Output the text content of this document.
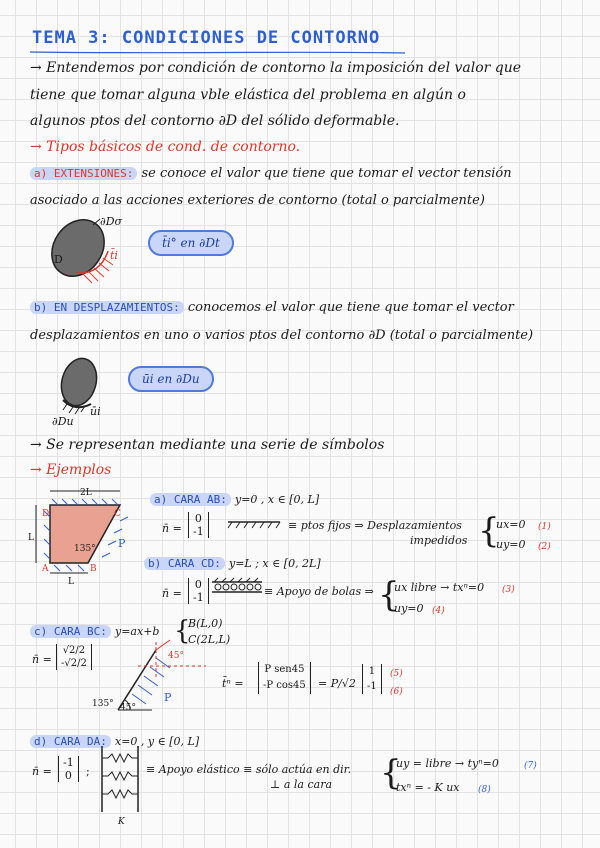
TEMA 3: CONDICIONES DE CONTORNO
→ Entendemos por condición de contorno la imposición del valor que
tiene que tomar alguna vble elástica del problema en algún o
algunos ptos del contorno ∂D del sólido deformable.
→ Tipos básicos de cond. de contorno.
a) EXTENSIONES: se conoce el valor que tiene que tomar el vector tensión
asociado a las acciones exteriores de contorno (total o parcialmente)
∂Dσ
D	t̄i
t̄i° en ∂Dt
b) EN DESPLAZAMIENTOS: conocemos el valor que tiene que tomar el vector
desplazamientos en uno o varios ptos del contorno ∂D (total o parcialmente)
∂Du
ūi
ūi en ∂Du
→ Se representan mediante una serie de símbolos
→ Ejemplos
2L
L
L
135°
A	B
C
D
P
a) CARA AB: y=0 , x ∈ [0, L]
n̄ =
0
-1	≡ ptos fijos ⇒ Desplazamientos
impedidos {
ux=0
uy=0
(1)
(2)
b) CARA CD: y=L ; x ∈ [0, 2L]
n̄ =
0
-1	≡ Apoyo de bolas ⇒ {
ux libre → txⁿ=0
uy=0
(3)
(4)
c) CARA BC: y=ax+b {
B(L,0)
C(2L,L)
n̄ =
√2/2
-√2/2
45°
135° 45°
P
t̄ⁿ =
P sen45
-P cos45 = P/√2
1
-1
(5)
(6)
d) CARA DA: x=0 , y ∈ [0, L]
n̄ =
-1
0 ;
K
≡ Apoyo elástico ≡ sólo actúa en dir.
⊥ a la cara {
uy = libre → tyⁿ=0
txⁿ = - K ux
(7)
(8)
